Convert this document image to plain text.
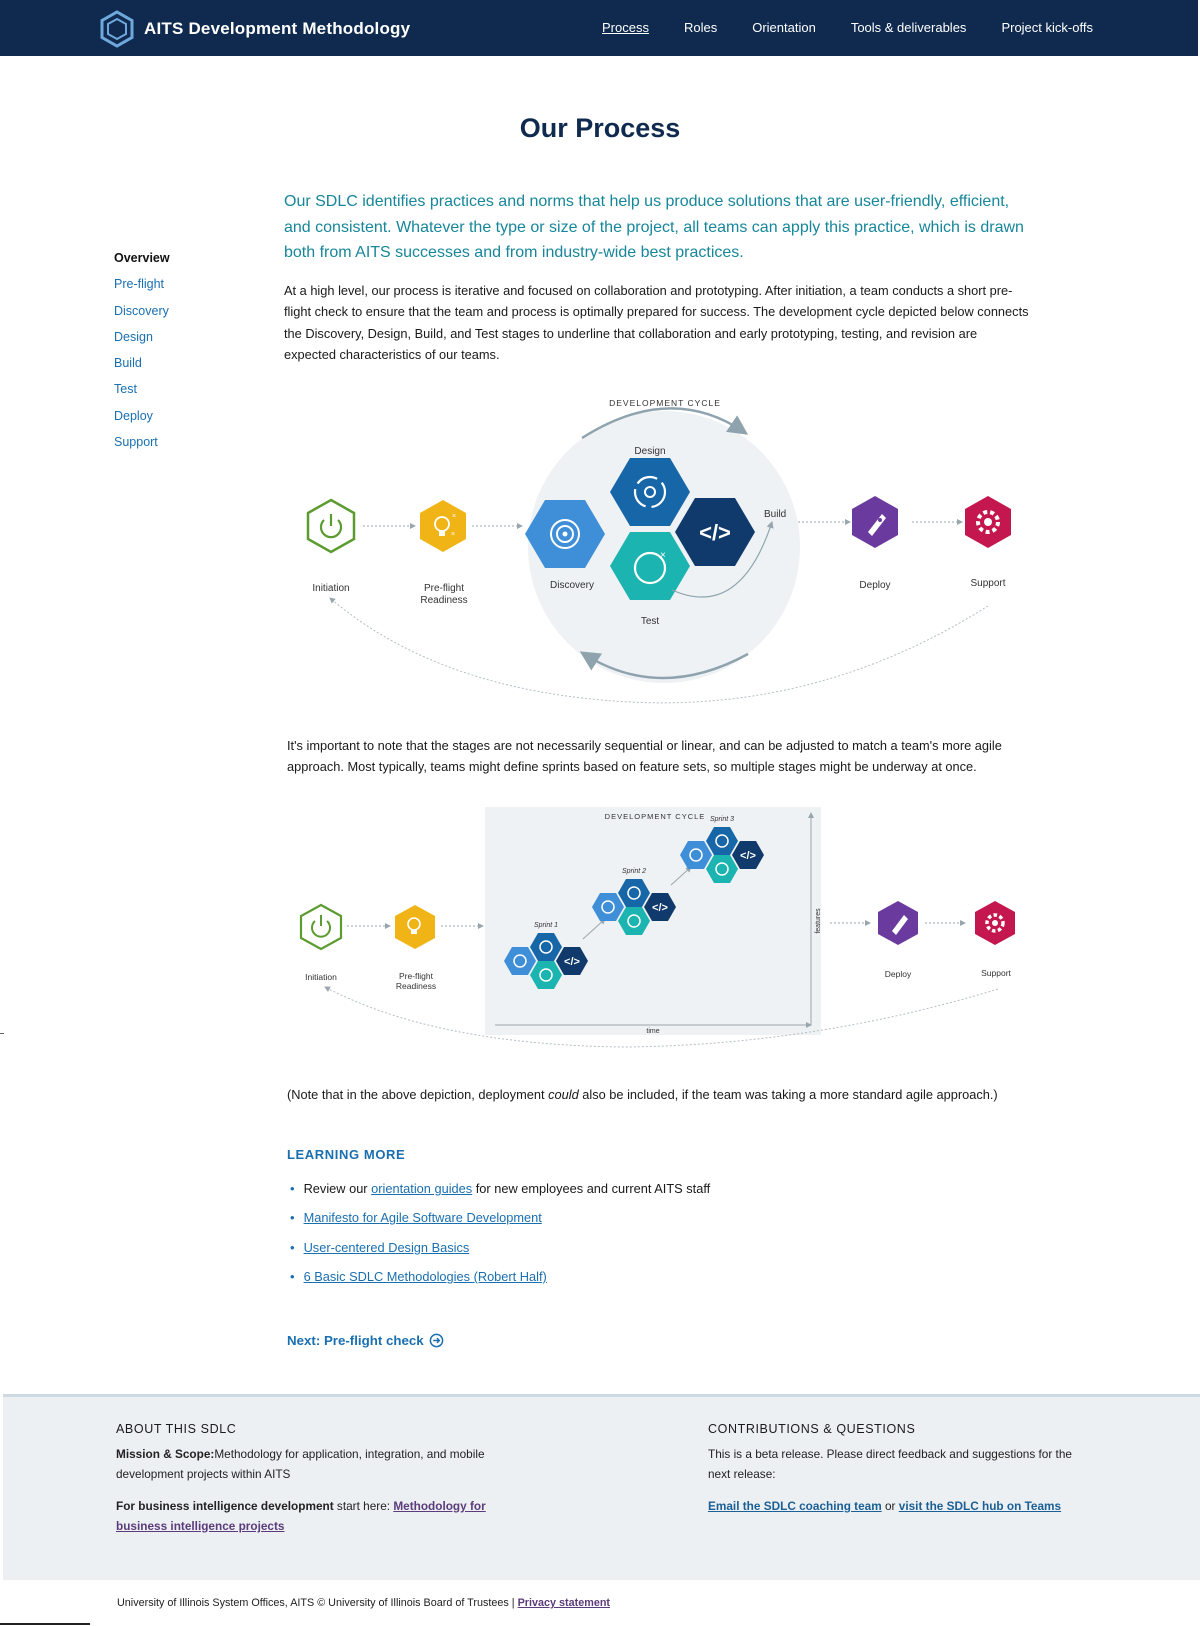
AITS Development Methodology	Process	Roles	Orientation	Tools & deliverables	Project kick-offs
Our Process
Overview
Pre-flight
Discovery
Design
Build
Test
Deploy
Support

Our SDLC identifies practices and norms that help us produce solutions that are user-friendly, efficient, and consistent. Whatever the type or size of the project, all teams can apply this practice, which is drawn both from AITS successes and from industry-wide best practices.

At a high level, our process is iterative and focused on collaboration and prototyping. After initiation, a team conducts a short pre-flight check to ensure that the team and process is optimally prepared for success. The development cycle depicted below connects the Discovery, Design, Build, and Test stages to underline that collaboration and early prototyping, testing, and revision are expected characteristics of our teams.

DEVELOPMENT CYCLE
Initiation
×
×
Pre-flight
Readiness
</>
×
Design
Build
Discovery
Test
Deploy	Support

It's important to note that the stages are not necessarily sequential or linear, and can be adjusted to match a team's more agile approach. Most typically, teams might define sprints based on feature sets, so multiple stages might be underway at once.

DEVELOPMENT CYCLE
time
features
</>
Sprint 1
</>
Sprint 2
</>
Sprint 3
Initiation	Pre-flight
Readiness
Deploy	Support

(Note that in the above depiction, deployment could also be included, if the team was taking a more standard agile approach.)

LEARNING MORE
• Review our orientation guides for new employees and current AITS staff
• Manifesto for Agile Software Development
• User-centered Design Basics
• 6 Basic SDLC Methodologies (Robert Half)
Next: Pre-flight check
ABOUT THIS SDLC
Mission & Scope:Methodology for application, integration, and mobile development projects within AITS
For business intelligence development start here: Methodology for business intelligence projects
CONTRIBUTIONS & QUESTIONS
This is a beta release. Please direct feedback and suggestions for the next release:
Email the SDLC coaching team or visit the SDLC hub on Teams
University of Illinois System Offices, AITS © University of Illinois Board of Trustees | Privacy statement
